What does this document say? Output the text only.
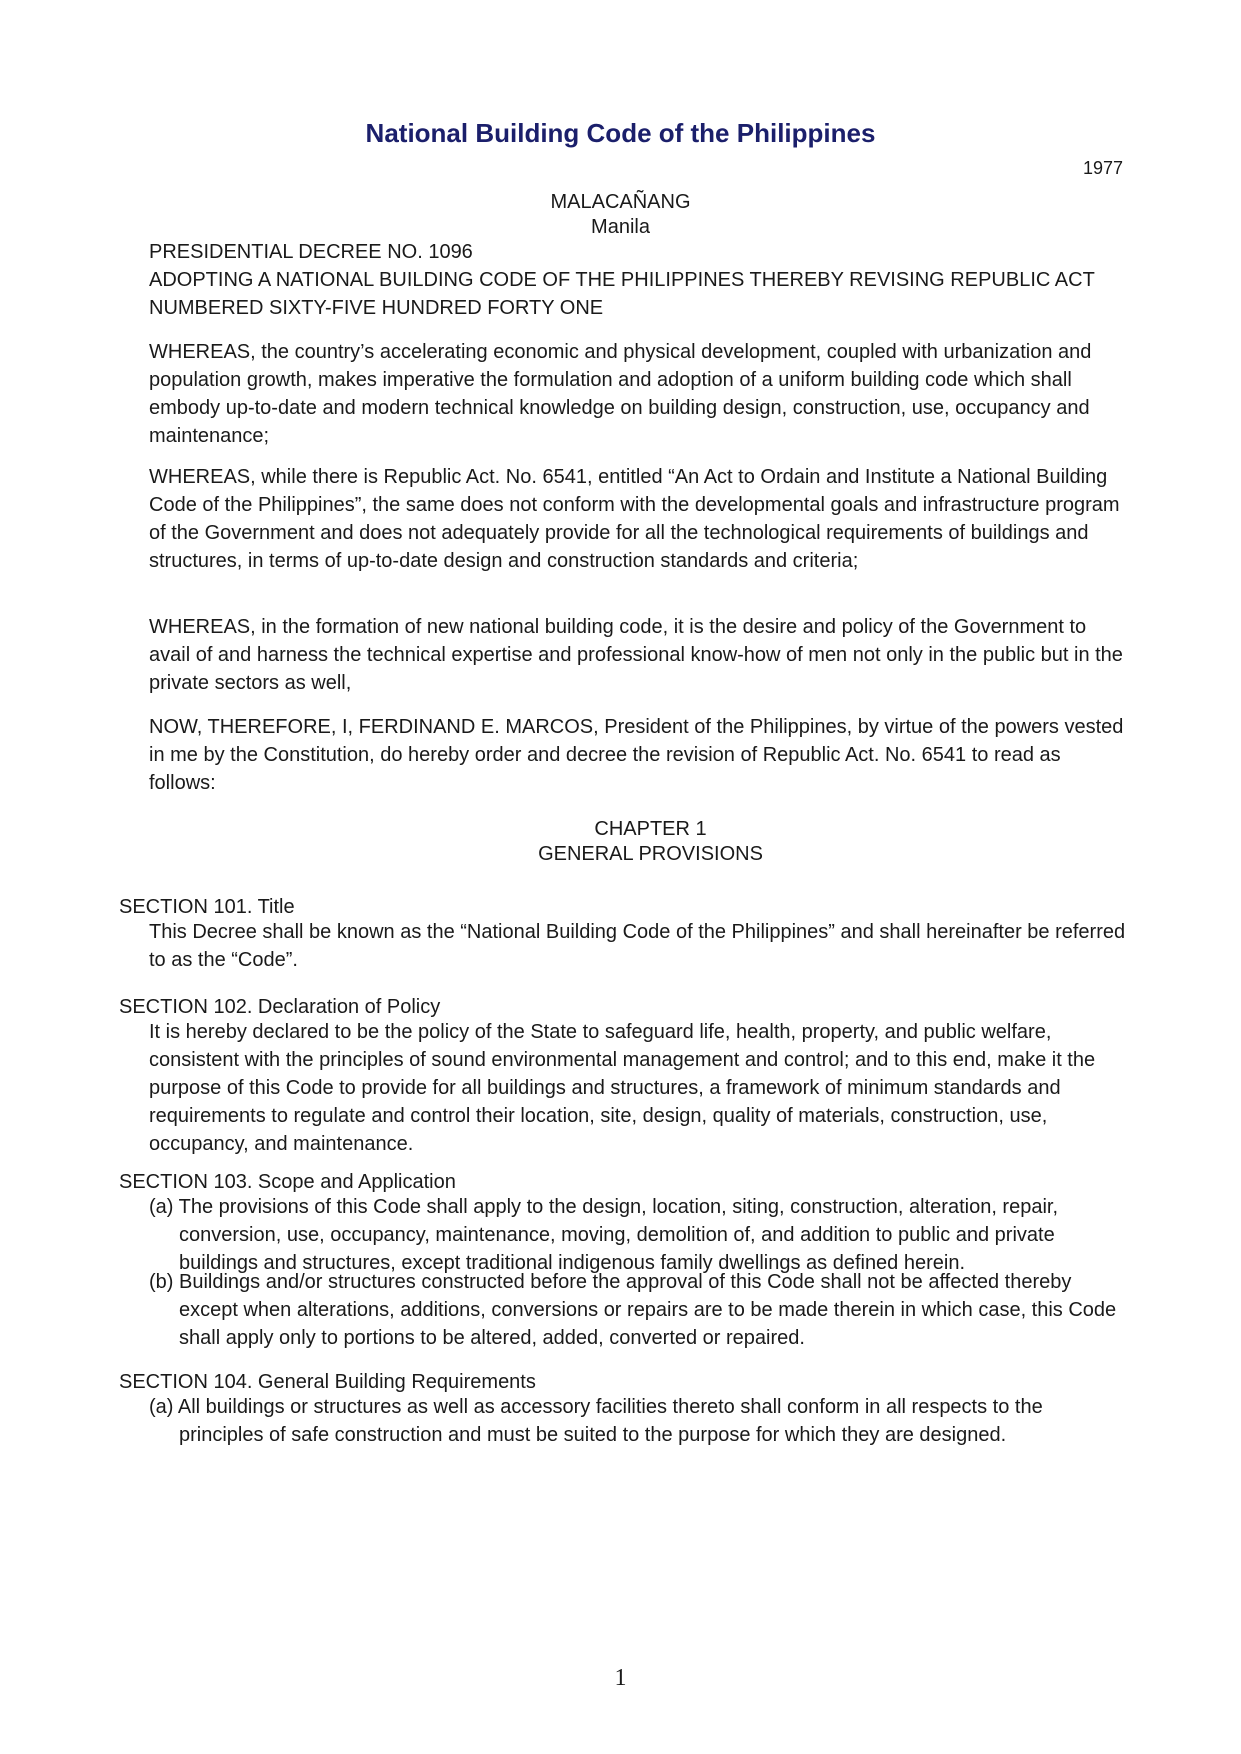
National Building Code of the Philippines
1977
MALACAÑANG
Manila

PRESIDENTIAL DECREE NO. 1096

ADOPTING A NATIONAL BUILDING CODE OF THE PHILIPPINES THEREBY REVISING REPUBLIC ACT

NUMBERED SIXTY-FIVE HUNDRED FORTY ONE

WHEREAS, the country’s accelerating economic and physical development, coupled with urbanization and population growth, makes imperative the formulation and adoption of a uniform building code which shall embody up-to-date and modern technical knowledge on building design, construction, use, occupancy and maintenance;
WHEREAS, while there is Republic Act. No. 6541, entitled “An Act to Ordain and Institute a National Building Code of the Philippines”, the same does not conform with the developmental goals and infrastructure program of the Government and does not adequately provide for all the technological requirements of buildings and structures, in terms of up-to-date design and construction standards and criteria;
WHEREAS, in the formation of new national building code, it is the desire and policy of the Government to avail of and harness the technical expertise and professional know-how of men not only in the public but in the private sectors as well,
NOW, THEREFORE, I, FERDINAND E. MARCOS, President of the Philippines, by virtue of the powers vested in me by the Constitution, do hereby order and decree the revision of Republic Act. No. 6541 to read as follows:
CHAPTER 1
GENERAL PROVISIONS
SECTION 101. Title
This Decree shall be known as the “National Building Code of the Philippines” and shall hereinafter be referred to as the “Code”.
SECTION 102. Declaration of Policy
It is hereby declared to be the policy of the State to safeguard life, health, property, and public welfare, consistent with the principles of sound environmental management and control; and to this end, make it the purpose of this Code to provide for all buildings and structures, a framework of minimum standards and requirements to regulate and control their location, site, design, quality of materials, construction, use, occupancy, and maintenance.
SECTION 103. Scope and Application
(a) The provisions of this Code shall apply to the design, location, siting, construction, alteration, repair, conversion, use, occupancy, maintenance, moving, demolition of, and addition to public and private buildings and structures, except traditional indigenous family dwellings as defined herein.
(b) Buildings and/or structures constructed before the approval of this Code shall not be affected thereby except when alterations, additions, conversions or repairs are to be made therein in which case, this Code shall apply only to portions to be altered, added, converted or repaired.
SECTION 104. General Building Requirements
(a) All buildings or structures as well as accessory facilities thereto shall conform in all respects to the principles of safe construction and must be suited to the purpose for which they are designed.
1
